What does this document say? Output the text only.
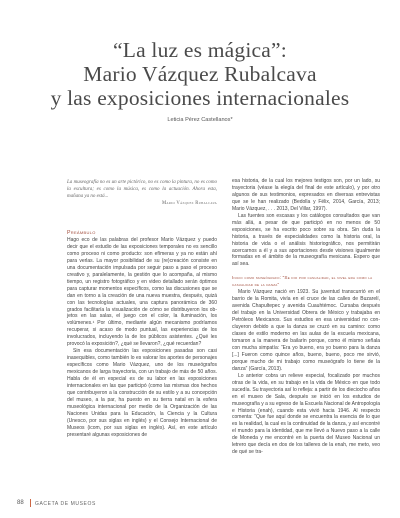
“La luz es mágica”:
Mario Vázquez Rubalcava
y las exposiciones internacionales
Leticia Pérez Castellanos*
La museografía no es un arte pictórico, no es como la pintura, no es como la escultura; es como la música, es como la actuación. Ahora esta, mañana ya no está...
Mario Vázquez Rubalcava
Preámbulo

Hago eco de las palabras del profesor Mario Vázquez y puedo decir que el estudio de las exposiciones temporales no es sencillo como proceso ni como producto: son efímeras y ya no están ahí para verlas. La mayor posibilidad de su (re)creación consiste en una documentación impulsada por seguir paso a paso el proceso creativo y, paralelamente, la gestión que lo acompaña, al mismo tiempo, un registro fotográfico y en video detallado serán óptimos para capturar momentos específicos, como las discusiones que se dan en torno a la creación de una nueva muestra, después, quizá con las tecnologías actuales, una captura panorámica de 360 grados facilitaría la visualización de cómo se distribuyeron los objetos en las salas, el juego con el color, la iluminación, los volúmenes.¹ Por último, mediante algún mecanismo podríamos recuperar, si acaso de modo puntual, las experiencias de los involucrados, incluyendo la de los públicos asistentes. ¿Qué les provocó la exposición?, ¿qué se llevaron?, ¿qué recuerdan?

Sin esa documentación las exposiciones pasadas son casi inasequibles, como también lo es valorar los aportes de personajes específicos como Mario Vázquez, uno de los museógrafos mexicanos de larga trayectoria, con un trabajo de más de 50 años. Habla de él en especial es de su labor en las exposiciones internacionales en las que participó (como las mismas dos hechos que contribuyeron a la construcción de su estilo y a su concepción del museo, a la par, ha puesto en su tierra natal en la esfera museológica internacional por medio de la Organización de las Naciones Unidas para la Educación, la Ciencia y la Cultura (Unesco, por sus siglas en inglés) y el Consejo Internacional de Museos (icom, por sus siglas en inglés). Así, en este artículo presentaré algunas exposiciones de

esa historia, de la cual los mejores testigos son, por un lado, su trayectoria (véase la elegía del final de este artículo), y por otro algunos de sus testimonios, expresados en diversas entrevistas que se le han realizado (Bedolla y Félix, 2014, García, 2013; Mario Vázquez, . . . 2013, Del Villar, 1997).

Las fuentes son escasas y los catálogos consultados que van más allá, a pesar de que participó en no menos de 50 exposiciones, se ha escrito poco sobre su obra. Sin duda la historia, a través de especialidades como la historia oral, la historia de vida o el análisis historiográfico, nos permitirán acercarnos a él y a sus aportaciones desde visiones igualmente formadas en el ámbito de la museografía mexicana. Espero que así sea.

Inicio como museógrafo: “Se dio por casualidad, el nivel era como la casualidad de la danza”

Mario Vázquez nació en 1923. Su juventud transcurrió en el barrio de la Romita, vivía en el cruce de las calles de Buzarelí, avenida Chapultepec y avenida Cuauhtémoc. Cursaba después del trabajo en la Universidad Obrera de México y trabajaba en Petróleos Mexicanos. Sus estudios en esa universidad no concluyeron debido a que la danza se cruzó en su camino: como clases de estilo moderno en las aulas de la escuela mexicana, tomaron a la manera de bailarín porque, como él mismo señala con mucha simpatía: “Era yo bueno, era yo bueno para la danza [...] Fueron como quince años, bueno, bueno, poco me sirvió, porque mucho de mi trabajo como museógrafo lo tiene de la danza” (García, 2013).

Lo anterior cobra un relieve especial, focalizado por muchos otras de la vida, en su trabajo en la vida de México en que todo sucedía. Su trayectoria así lo refleja: a partir de los dieciocho años en el museo de Sala, después se inició en los estudios de museografía y a su egreso de la Escuela Nacional de Antropología e Historia (enah), cuando esta vivió hacia 1946. Al respecto comenta: “Que fue aquí donde se encuentra la esencia de lo que es la realidad, la cual es la continuidad de la danza, y así encontré el mundo para la identidad, que me llevó a Nuevo paso a la calle de Moneda y me encontré en la puerta del Museo Nacional un letrero que decía en dos de los talleres de la enah, me meto, veo de qué se tra-

88 GACETA DE MUSEOS
